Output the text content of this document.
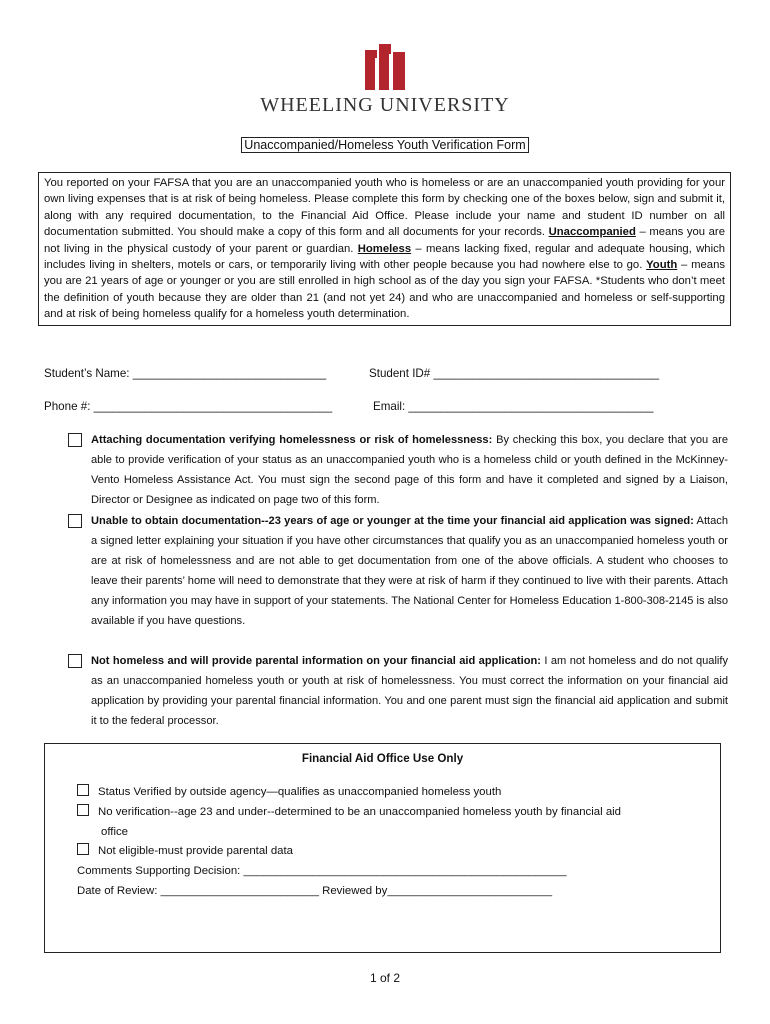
WHEELING UNIVERSITY
Unaccompanied/Homeless Youth Verification Form
You reported on your FAFSA that you are an unaccompanied youth who is homeless or are an unaccompanied youth providing for your own living expenses that is at risk of being homeless. Please complete this form by checking one of the boxes below, sign and submit it, along with any required documentation, to the Financial Aid Office. Please include your name and student ID number on all documentation submitted. You should make a copy of this form and all documents for your records. Unaccompanied – means you are not living in the physical custody of your parent or guardian. Homeless – means lacking fixed, regular and adequate housing, which includes living in shelters, motels or cars, or temporarily living with other people because you had nowhere else to go. Youth – means you are 21 years of age or younger or you are still enrolled in high school as of the day you sign your FAFSA. *Students who don’t meet the definition of youth because they are older than 21 (and not yet 24) and who are unaccompanied and homeless or self-supporting and at risk of being homeless qualify for a homeless youth determination.
Student’s Name: ______________________________	Student ID# ___________________________________
Phone #: _____________________________________	Email: ______________________________________
Attaching documentation verifying homelessness or risk of homelessness: By checking this box, you declare that you are able to provide verification of your status as an unaccompanied youth who is a homeless child or youth defined in the McKinney-Vento Homeless Assistance Act. You must sign the second page of this form and have it completed and signed by a Liaison, Director or Designee as indicated on page two of this form.
Unable to obtain documentation--23 years of age or younger at the time your financial aid application was signed: Attach a signed letter explaining your situation if you have other circumstances that qualify you as an unaccompanied homeless youth or are at risk of homelessness and are not able to get documentation from one of the above officials. A student who chooses to leave their parents’ home will need to demonstrate that they were at risk of harm if they continued to live with their parents. Attach any information you may have in support of your statements. The National Center for Homeless Education 1-800-308-2145 is also available if you have questions.
Not homeless and will provide parental information on your financial aid application: I am not homeless and do not qualify as an unaccompanied homeless youth or youth at risk of homelessness. You must correct the information on your financial aid application by providing your parental financial information. You and one parent must sign the financial aid application and submit it to the federal processor.
Financial Aid Office Use Only
Status Verified by outside agency—qualifies as unaccompanied homeless youth
No verification--age 23 and under--determined to be an unaccompanied homeless youth by financial aid
office
Not eligible-must provide parental data
Comments Supporting Decision: ___________________________________________________
Date of Review: _________________________ Reviewed by__________________________
1 of 2
